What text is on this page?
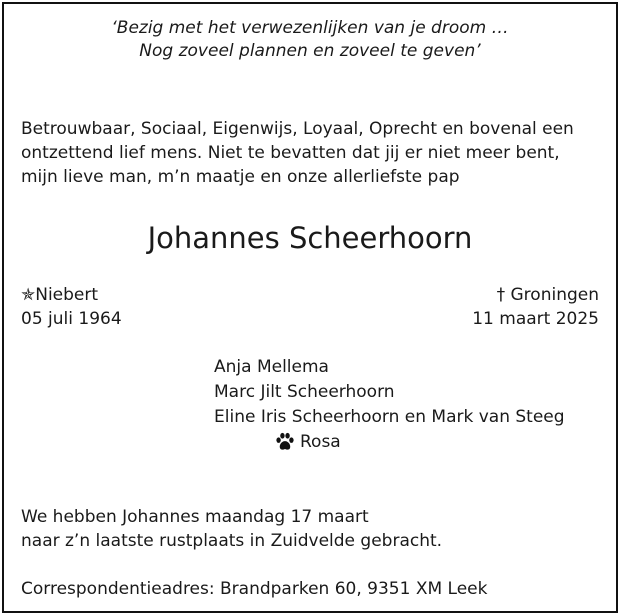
‘Bezig met het verwezenlijken van je droom …
Nog zoveel plannen en zoveel te geven’
Betrouwbaar, Sociaal, Eigenwijs, Loyaal, Oprecht en bovenal een
ontzettend lief mens. Niet te bevatten dat jij er niet meer bent,
mijn lieve man, m’n maatje en onze allerliefste pap
Johannes Scheerhoorn
✯Niebert
05 juli 1964
† Groningen
11 maart 2025
Anja Mellema
Marc Jilt Scheerhoorn
Eline Iris Scheerhoorn en Mark van Steeg
Rosa
We hebben Johannes maandag 17 maart
naar z’n laatste rustplaats in Zuidvelde gebracht.
Correspondentieadres: Brandparken 60, 9351 XM Leek
